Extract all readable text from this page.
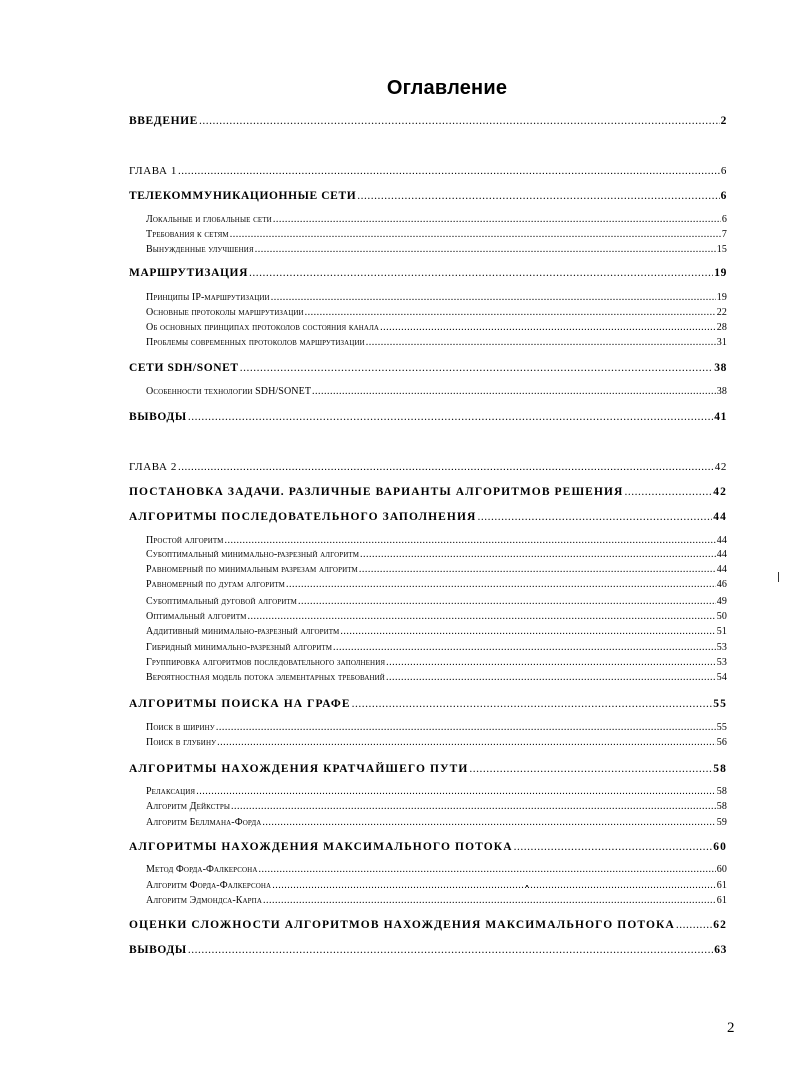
Оглавление
ВВЕДЕНИЕ .....	2
ГЛАВА 1 .....	6
ТЕЛЕКОММУНИКАЦИОННЫЕ СЕТИ .....	6
Локальные и глобальные сети .....	6
Требования к сетям .....	7
Вынужденные улучшения .....	15
МАРШРУТИЗАЦИЯ .....	19
Принципы IP-маршрутизации .....	19
Основные протоколы маршрутизации .....	22
Об основных принципах протоколов состояния канала .....	28
Проблемы современных протоколов маршрутизации .....	31
СЕТИ SDH/SONET .....	38
Особенности технологии SDH/SONET .....	38
ВЫВОДЫ .....	41
ГЛАВА 2 .....	42
ПОСТАНОВКА ЗАДАЧИ. РАЗЛИЧНЫЕ ВАРИАНТЫ АЛГОРИТМОВ РЕШЕНИЯ .....	42
АЛГОРИТМЫ ПОСЛЕДОВАТЕЛЬНОГО ЗАПОЛНЕНИЯ .....	44
Простой алгоритм .....	44
Субоптимальный минимально-разрезный алгоритм .....	44
Равномерный по минимальным разрезам алгоритм .....	44
Равномерный по дугам алгоритм .....	46
Субоптимальный дуговой алгоритм .....	49
Оптимальный алгоритм .....	50
Аддитивный минимально-разрезный алгоритм .....	51
Гибридный минимально-разрезный алгоритм .....	53
Группировка алгоритмов последовательного заполнения .....	53
Вероятностная модель потока элементарных требований .....	54
АЛГОРИТМЫ ПОИСКА НА ГРАФЕ .....	55
Поиск в ширину .....	55
Поиск в глубину .....	56
АЛГОРИТМЫ НАХОЖДЕНИЯ КРАТЧАЙШЕГО ПУТИ .....	58
Релаксация .....	58
Алгоритм Дейкстры .....	58
Алгоритм Беллмана-Форда .....	59
АЛГОРИТМЫ НАХОЖДЕНИЯ МАКСИМАЛЬНОГО ПОТОКА .....	60
Метод Форда-Фалкерсона .....	60
Алгоритм Форда-Фалкерсона .....	61
Алгоритм Эдмондса-Карпа .....	61
ОЦЕНКИ СЛОЖНОСТИ АЛГОРИТМОВ НАХОЖДЕНИЯ МАКСИМАЛЬНОГО ПОТОКА .....	62
ВЫВОДЫ .....	63
2
